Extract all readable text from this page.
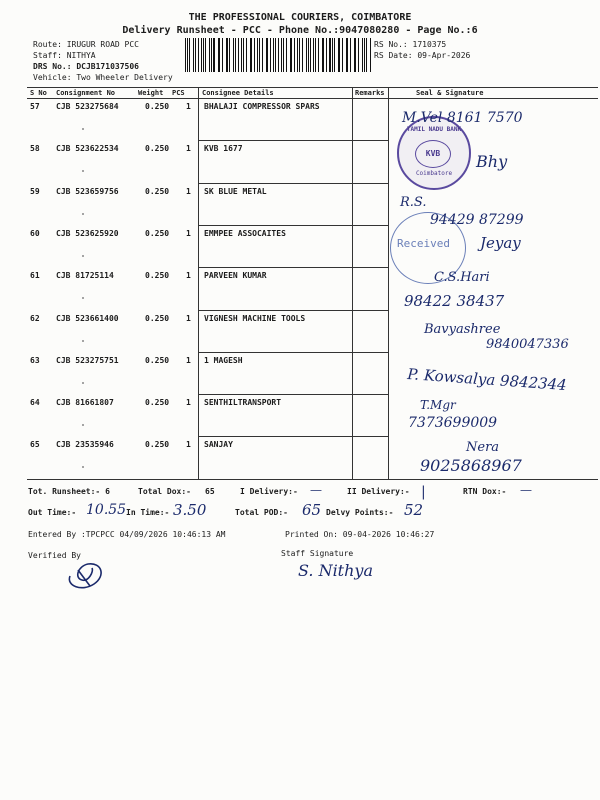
THE PROFESSIONAL COURIERS, COIMBATORE
Delivery Runsheet - PCC - Phone No.:9047080280 - Page No.:6
Route: IRUGUR ROAD PCC
Staff: NITHYA
DRS No.: DCJB171037506
Vehicle: Two Wheeler Delivery
RS No.: 1710375
RS Date: 09-Apr-2026
S No Consignment No	Weight PCS Consignee Details	Remarks	Seal & Signature
57 CJB 523275684	0.250 1 BHALAJI COMPRESSOR SPARS
58 CJB 523622534	0.250 1 KVB 1677
59 CJB 523659756	0.250 1 SK BLUE METAL
60 CJB 523625920	0.250 1 EMMPEE ASSOCAITES
61 CJB 81725114	0.250 1 PARVEEN KUMAR
62 CJB 523661400	0.250 1 VIGNESH MACHINE TOOLS
63 CJB 523275751	0.250 1 1 MAGESH
64 CJB 81661807	0.250 1 SENTHILTRANSPORT
65 CJB 23535946	0.250 1 SANJAY
Tot. Runsheet:- 6	Total Dox:- 65	I Delivery:- —	II Delivery:- |	RTN Dox:- —
Out Time:- 10.55 In Time:- 3.50	Total POD:- 65 Delvy Points:- 52
Entered By :TPCPCC 04/09/2026 10:46:13 AM	Printed On: 09-04-2026 10:46:27
Verified By	Staff Signature
S. Nithya
TAMIL NADU BANK
KVB
Coimbatore
Received
M.Vel 8161 7570
Bhy
R.S.
94429 87299
Jeyay
C.S.Hari
98422 38437
Bavyashree
9840047336
P. Kowsalya 9842344
T.Mgr
7373699009
Nera
9025868967
